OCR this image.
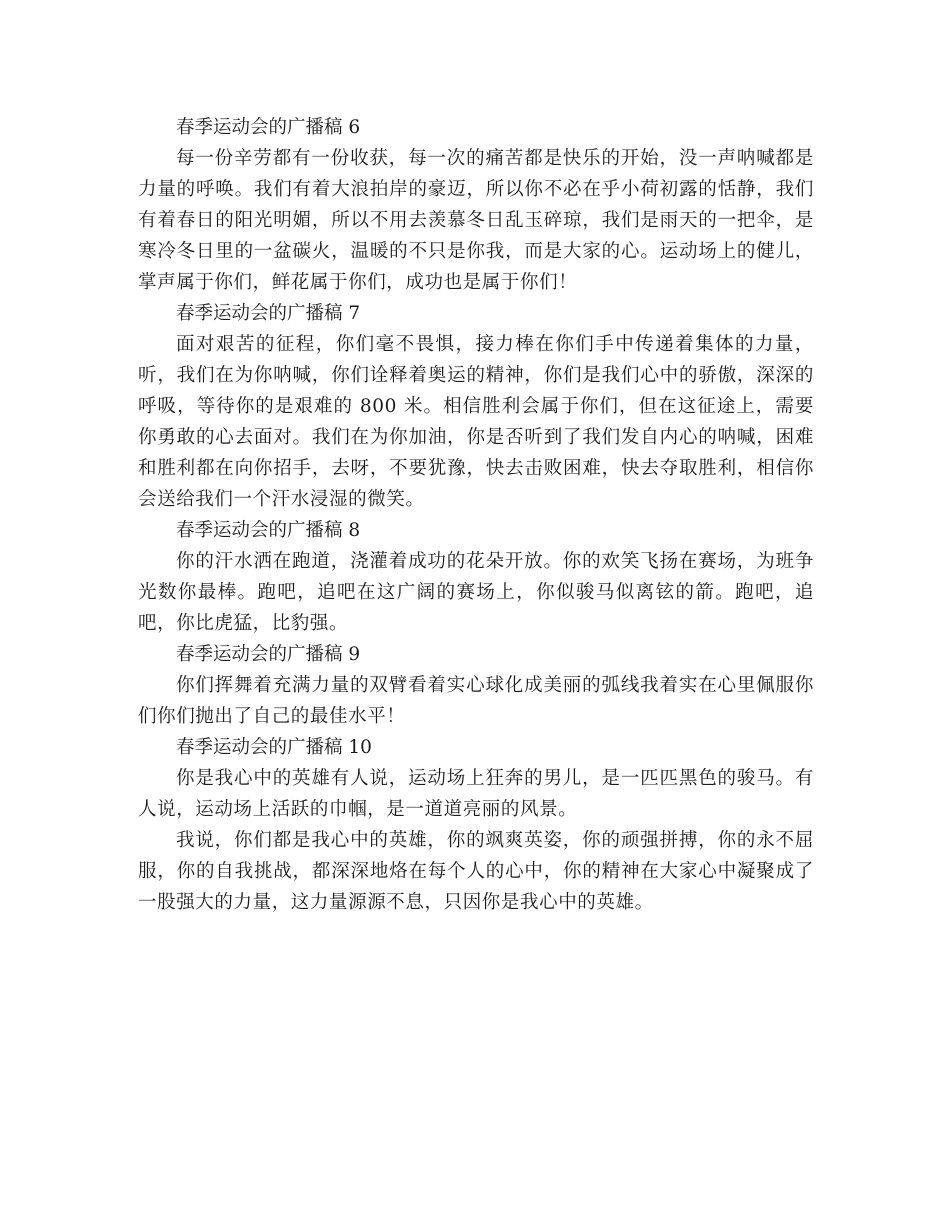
春季运动会的广播稿 6

每一份辛劳都有一份收获，每一次的痛苦都是快乐的开始，没一声呐喊都是力量的呼唤。我们有着大浪拍岸的豪迈，所以你不必在乎小荷初露的恬静，我们有着春日的阳光明媚，所以不用去羡慕冬日乱玉碎琼，我们是雨天的一把伞，是寒冷冬日里的一盆碳火，温暖的不只是你我，而是大家的心。运动场上的健儿，掌声属于你们，鲜花属于你们，成功也是属于你们！

春季运动会的广播稿 7

面对艰苦的征程，你们毫不畏惧，接力棒在你们手中传递着集体的力量，听，我们在为你呐喊，你们诠释着奥运的精神，你们是我们心中的骄傲，深深的呼吸，等待你的是艰难的 800 米。相信胜利会属于你们，但在这征途上，需要你勇敢的心去面对。我们在为你加油，你是否听到了我们发自内心的呐喊，困难和胜利都在向你招手，去呀，不要犹豫，快去击败困难，快去夺取胜利，相信你会送给我们一个汗水浸湿的微笑。

春季运动会的广播稿 8

你的汗水洒在跑道，浇灌着成功的花朵开放。你的欢笑飞扬在赛场，为班争光数你最棒。跑吧，追吧在这广阔的赛场上，你似骏马似离铉的箭。跑吧，追吧，你比虎猛，比豹强。

春季运动会的广播稿 9

你们挥舞着充满力量的双臂看着实心球化成美丽的弧线我着实在心里佩服你们你们抛出了自己的最佳水平！

春季运动会的广播稿 10

你是我心中的英雄有人说，运动场上狂奔的男儿，是一匹匹黑色的骏马。有人说，运动场上活跃的巾帼，是一道道亮丽的风景。

我说，你们都是我心中的英雄，你的飒爽英姿，你的顽强拼搏，你的永不屈服，你的自我挑战，都深深地烙在每个人的心中，你的精神在大家心中凝聚成了一股强大的力量，这力量源源不息，只因你是我心中的英雄。
